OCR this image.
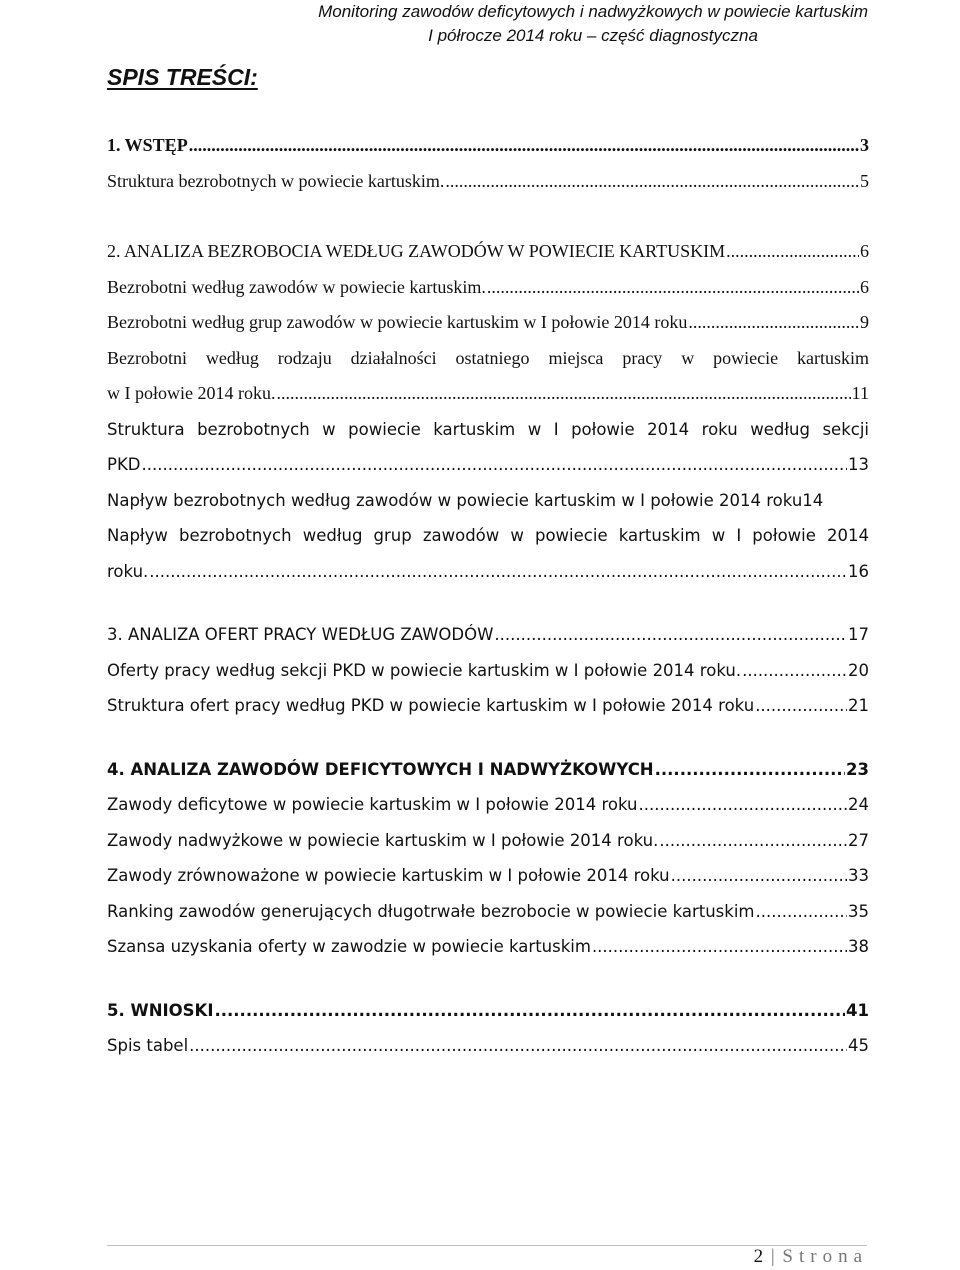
Monitoring zawodów deficytowych i nadwyżkowych w powiecie kartuskim
I półrocze 2014 roku – część diagnostyczna
SPIS TREŚCI:
1. WSTĘP .....	3
Struktura bezrobotnych w powiecie kartuskim. .....	5
2. ANALIZA BEZROBOCIA WEDŁUG ZAWODÓW W POWIECIE KARTUSKIM .....	6
Bezrobotni według zawodów w powiecie kartuskim. .....	6
Bezrobotni według grup zawodów w powiecie kartuskim w I połowie 2014 roku .....	9
Bezrobotni według rodzaju działalności ostatniego miejsca pracy w powiecie kartuskim
w I połowie 2014 roku. .....	11
Struktura bezrobotnych w powiecie kartuskim w I połowie 2014 roku według sekcji
PKD .....	13
Napływ bezrobotnych według zawodów w powiecie kartuskim w I połowie 2014 roku 14
Napływ bezrobotnych według grup zawodów w powiecie kartuskim w I połowie 2014
roku. .....	16
3. ANALIZA OFERT PRACY WEDŁUG ZAWODÓW .....	17
Oferty pracy według sekcji PKD w powiecie kartuskim w I połowie 2014 roku. .....	20
Struktura ofert pracy według PKD w powiecie kartuskim w I połowie 2014 roku .....	21
4. ANALIZA ZAWODÓW DEFICYTOWYCH I NADWYŻKOWYCH .....	23
Zawody deficytowe w powiecie kartuskim w I połowie 2014 roku .....	24
Zawody nadwyżkowe w powiecie kartuskim w I połowie 2014 roku. .....	27
Zawody zrównoważone w powiecie kartuskim w I połowie 2014 roku .....	33
Ranking zawodów generujących długotrwałe bezrobocie w powiecie kartuskim .....	35
Szansa uzyskania oferty w zawodzie w powiecie kartuskim .....	38
5. WNIOSKI .....	41
Spis tabel .....	45
2 | Strona
